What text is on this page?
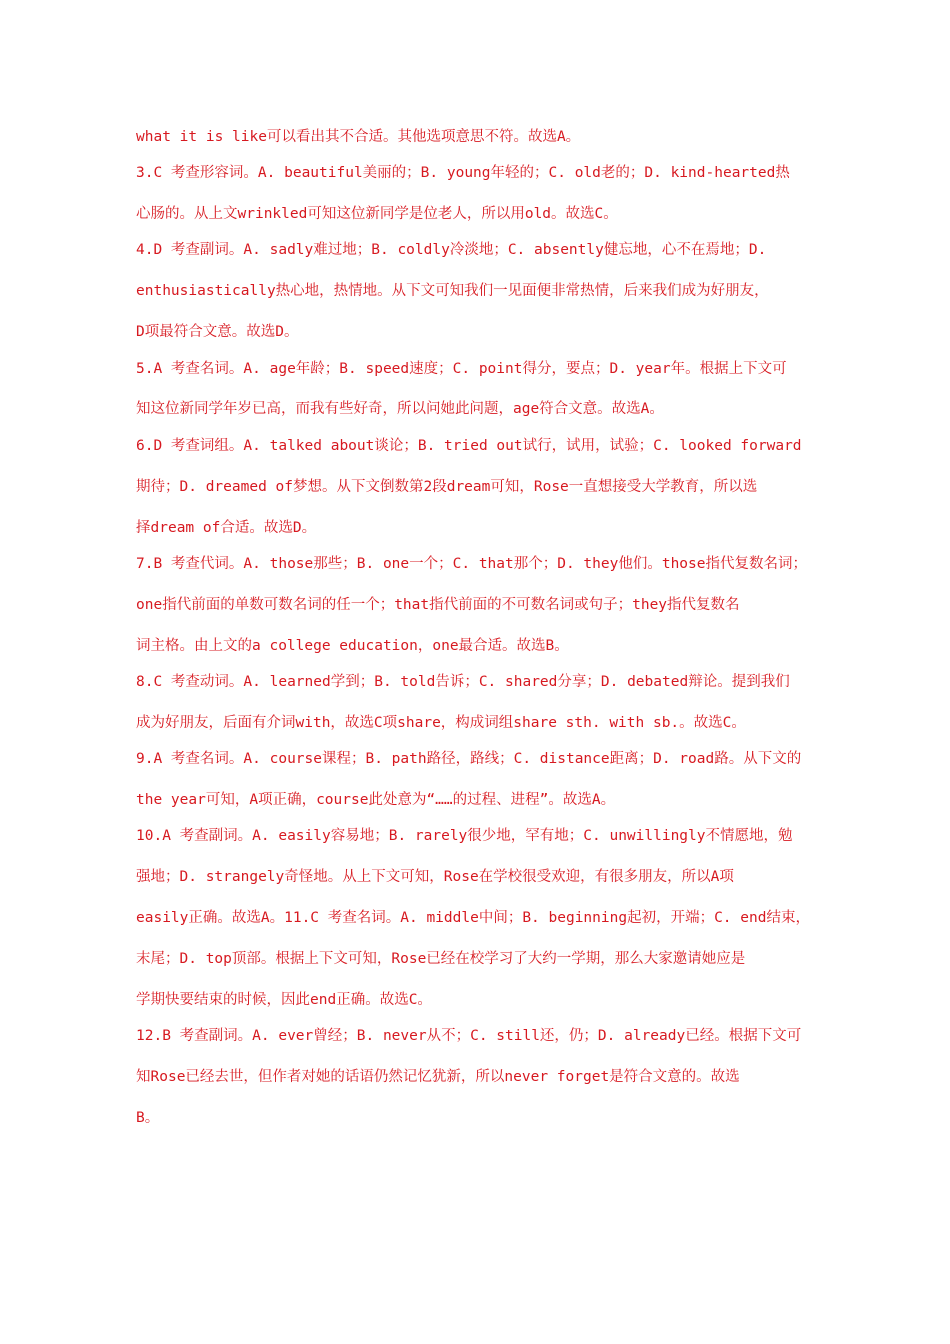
what it is like可以看出其不合适。其他选项意思不符。故选A。
3.C 考查形容词。A. beautiful美丽的；B. young年轻的；C. old老的；D. kind-hearted热
心肠的。从上文wrinkled可知这位新同学是位老人，所以用old。故选C。
4.D 考查副词。A. sadly难过地；B. coldly冷淡地；C. absently健忘地，心不在焉地；D.
enthusiastically热心地，热情地。从下文可知我们一见面便非常热情，后来我们成为好朋友，
D项最符合文意。故选D。
5.A 考查名词。A. age年龄；B. speed速度；C. point得分，要点；D. year年。根据上下文可
知这位新同学年岁已高，而我有些好奇，所以问她此问题，age符合文意。故选A。
6.D 考查词组。A. talked about谈论；B. tried out试行，试用，试验；C. looked forward
期待；D. dreamed of梦想。从下文倒数第2段dream可知，Rose一直想接受大学教育，所以选
择dream of合适。故选D。
7.B 考查代词。A. those那些；B. one一个；C. that那个；D. they他们。those指代复数名词；
one指代前面的单数可数名词的任一个；that指代前面的不可数名词或句子；they指代复数名
词主格。由上文的a college education，one最合适。故选B。
8.C 考查动词。A. learned学到；B. told告诉；C. shared分享；D. debated辩论。提到我们
成为好朋友，后面有介词with，故选C项share，构成词组share sth. with sb.。故选C。
9.A 考查名词。A. course课程；B. path路径，路线；C. distance距离；D. road路。从下文的
the year可知，A项正确，course此处意为“……的过程、进程”。故选A。
10.A 考查副词。A. easily容易地；B. rarely很少地，罕有地；C. unwillingly不情愿地，勉
强地；D. strangely奇怪地。从上下文可知，Rose在学校很受欢迎，有很多朋友，所以A项
easily正确。故选A。11.C 考查名词。A. middle中间；B. beginning起初，开端；C. end结束，
末尾；D. top顶部。根据上下文可知，Rose已经在校学习了大约一学期，那么大家邀请她应是
学期快要结束的时候，因此end正确。故选C。
12.B 考查副词。A. ever曾经；B. never从不；C. still还，仍；D. already已经。根据下文可
知Rose已经去世，但作者对她的话语仍然记忆犹新，所以never forget是符合文意的。故选
B。
